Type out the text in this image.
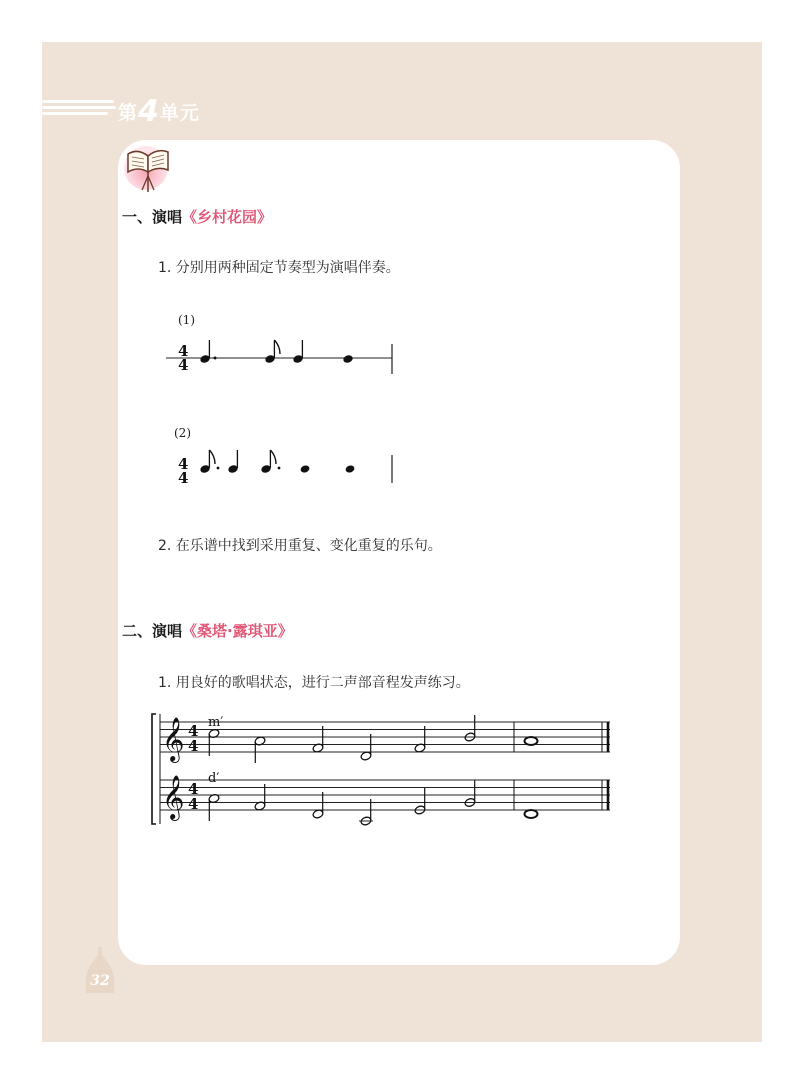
第4单元
一、演唱《乡村花园》
1. 分别用两种固定节奏型为演唱伴奏。
(1)
4
4
(2)
4
4
2. 在乐谱中找到采用重复、变化重复的乐句。
二、演唱《桑塔·露琪亚》
1. 用良好的歌唱状态，进行二声部音程发声练习。
𝄞
𝄞
4
4
4
4
m′
d′
32
